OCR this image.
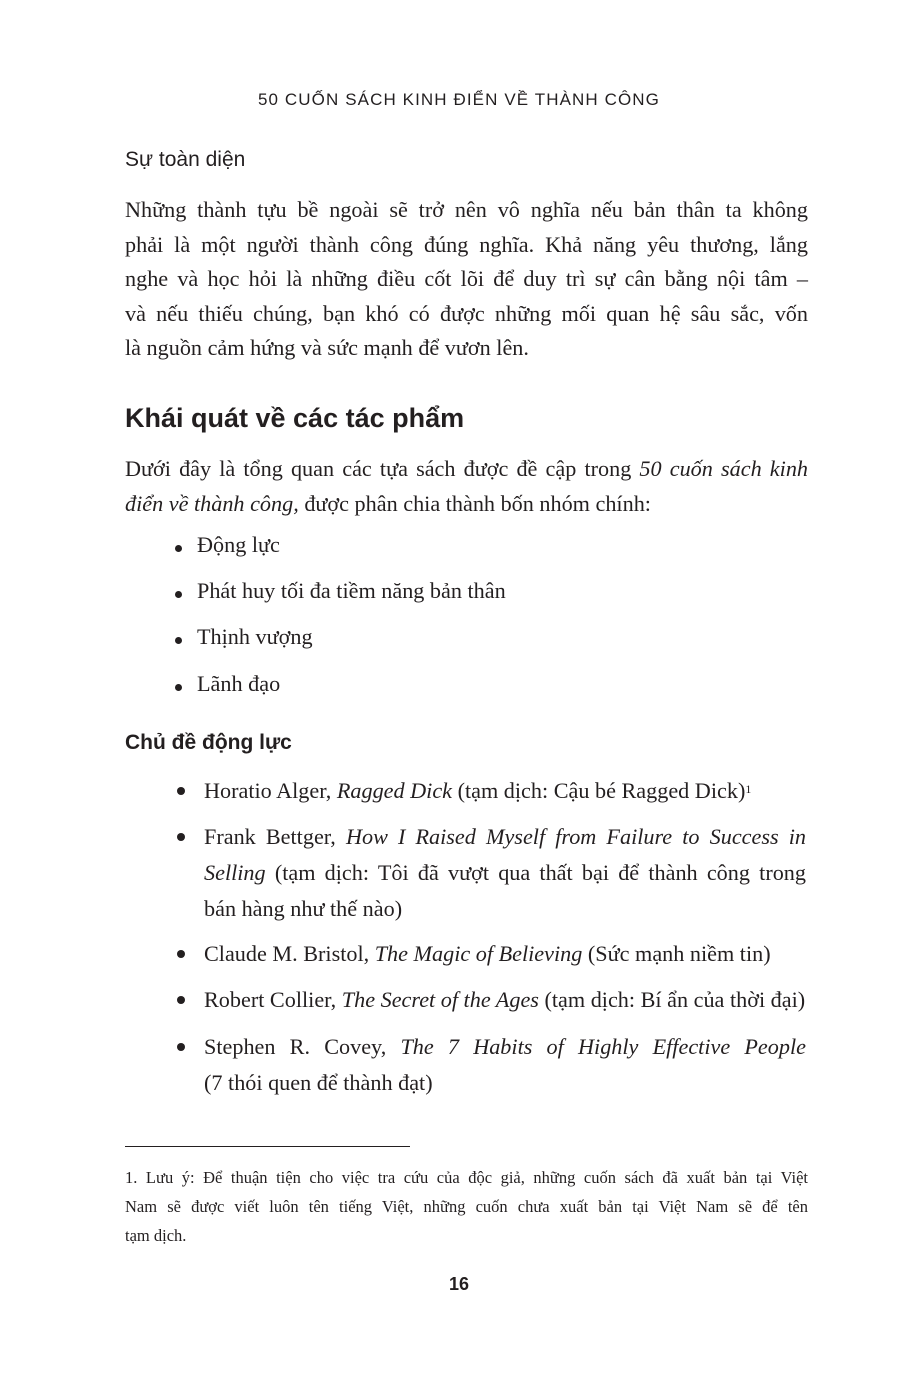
50 CUỐN SÁCH KINH ĐIỂN VỀ THÀNH CÔNG

Sự toàn diện

Những thành tựu bề ngoài sẽ trở nên vô nghĩa nếu bản thân ta không
phải là một người thành công đúng nghĩa. Khả năng yêu thương, lắng
nghe và học hỏi là những điều cốt lõi để duy trì sự cân bằng nội tâm –
và nếu thiếu chúng, bạn khó có được những mối quan hệ sâu sắc, vốn
là nguồn cảm hứng và sức mạnh để vươn lên.

Khái quát về các tác phẩm

Dưới đây là tổng quan các tựa sách được đề cập trong 50 cuốn sách kinh
điển về thành công, được phân chia thành bốn nhóm chính:

Động lực
Phát huy tối đa tiềm năng bản thân
Thịnh vượng
Lãnh đạo
Chủ đề động lực
Horatio Alger, Ragged Dick (tạm dịch: Cậu bé Ragged Dick)$^1$
Frank Bettger, How I Raised Myself from Failure to Success in
Selling (tạm dịch: Tôi đã vượt qua thất bại để thành công trong
bán hàng như thế nào)
Claude M. Bristol, The Magic of Believing (Sức mạnh niềm tin)
Robert Collier, The Secret of the Ages (tạm dịch: Bí ẩn của thời đại)
Stephen R. Covey, The 7 Habits of Highly Effective People
(7 thói quen để thành đạt)

1. Lưu ý: Để thuận tiện cho việc tra cứu của độc giả, những cuốn sách đã xuất bản tại Việt
Nam sẽ được viết luôn tên tiếng Việt, những cuốn chưa xuất bản tại Việt Nam sẽ để tên
tạm dịch.

16
